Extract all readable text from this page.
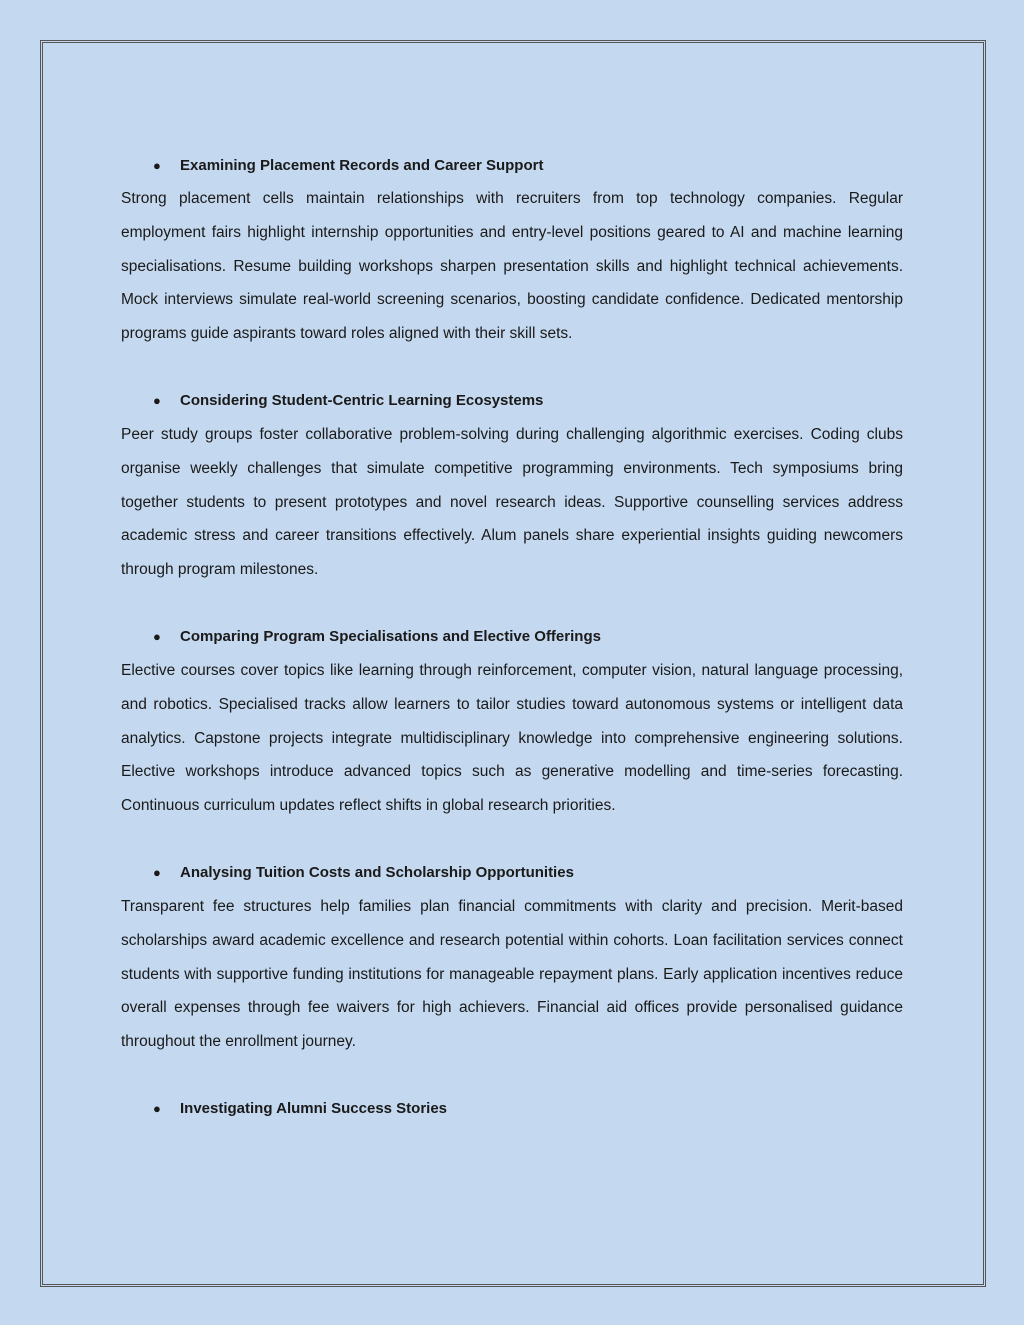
●	Examining Placement Records and Career Support

Strong placement cells maintain relationships with recruiters from top technology companies. Regular employment fairs highlight internship opportunities and entry-level positions geared to AI and machine learning specialisations. Resume building workshops sharpen presentation skills and highlight technical achievements. Mock interviews simulate real-world screening scenarios, boosting candidate confidence. Dedicated mentorship programs guide aspirants toward roles aligned with their skill sets.

●	Considering Student-Centric Learning Ecosystems

Peer study groups foster collaborative problem-solving during challenging algorithmic exercises. Coding clubs organise weekly challenges that simulate competitive programming environments. Tech symposiums bring together students to present prototypes and novel research ideas. Supportive counselling services address academic stress and career transitions effectively. Alum panels share experiential insights guiding newcomers through program milestones.

●	Comparing Program Specialisations and Elective Offerings

Elective courses cover topics like learning through reinforcement, computer vision, natural language processing, and robotics. Specialised tracks allow learners to tailor studies toward autonomous systems or intelligent data analytics. Capstone projects integrate multidisciplinary knowledge into comprehensive engineering solutions. Elective workshops introduce advanced topics such as generative modelling and time-series forecasting. Continuous curriculum updates reflect shifts in global research priorities.

●	Analysing Tuition Costs and Scholarship Opportunities

Transparent fee structures help families plan financial commitments with clarity and precision. Merit-based scholarships award academic excellence and research potential within cohorts. Loan facilitation services connect students with supportive funding institutions for manageable repayment plans. Early application incentives reduce overall expenses through fee waivers for high achievers. Financial aid offices provide personalised guidance throughout the enrollment journey.

●	Investigating Alumni Success Stories
